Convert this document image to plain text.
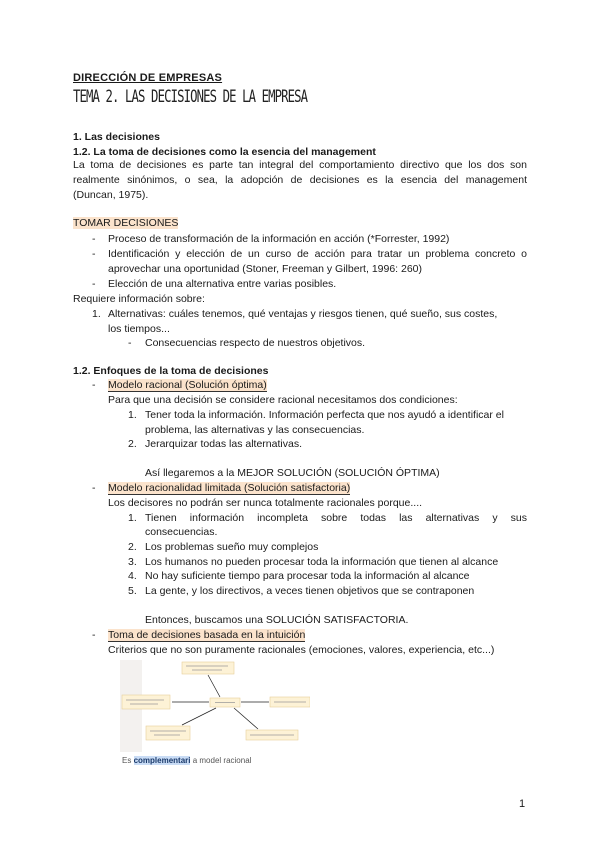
DIRECCIÓN DE EMPRESAS
TEMA 2. LAS DECISIONES DE LA EMPRESA
1. Las decisiones
1.2. La toma de decisiones como la esencia del management
La toma de decisiones es parte tan integral del comportamiento directivo que los dos son
realmente sinónimos, o sea, la adopción de decisiones es la esencia del management
(Duncan, 1975).
TOMAR DECISIONES
- Proceso de transformación de la información en acción (*Forrester, 1992)
- Identificación y elección de un curso de acción para tratar un problema concreto o
aprovechar una oportunidad (Stoner, Freeman y Gilbert, 1996: 260)
- Elección de una alternativa entre varias posibles.
Requiere información sobre:
1. Alternativas: cuáles tenemos, qué ventajas y riesgos tienen, qué sueño, sus costes,
los tiempos...
- Consecuencias respecto de nuestros objetivos.
1.2. Enfoques de la toma de decisiones
- Modelo racional (Solución óptima)
Para que una decisión se considere racional necesitamos dos condiciones:
1. Tener toda la información. Información perfecta que nos ayudó a identificar el
problema, las alternativas y las consecuencias.
2. Jerarquizar todas las alternativas.
Así llegaremos a la MEJOR SOLUCIÓN (SOLUCIÓN ÓPTIMA)
- Modelo racionalidad limitada (Solución satisfactoria)
Los decisores no podrán ser nunca totalmente racionales porque....
1. Tienen información incompleta sobre todas las alternativas y sus
consecuencias.
2. Los problemas sueño muy complejos
3. Los humanos no pueden procesar toda la información que tienen al alcance
4. No hay suficiente tiempo para procesar toda la información al alcance
5. La gente, y los directivos, a veces tienen objetivos que se contraponen
Entonces, buscamos una SOLUCIÓN SATISFACTORIA.
- Toma de decisiones basada en la intuición
Criterios que no son puramente racionales (emociones, valores, experiencia, etc...)
Es complementari a model racional
1
